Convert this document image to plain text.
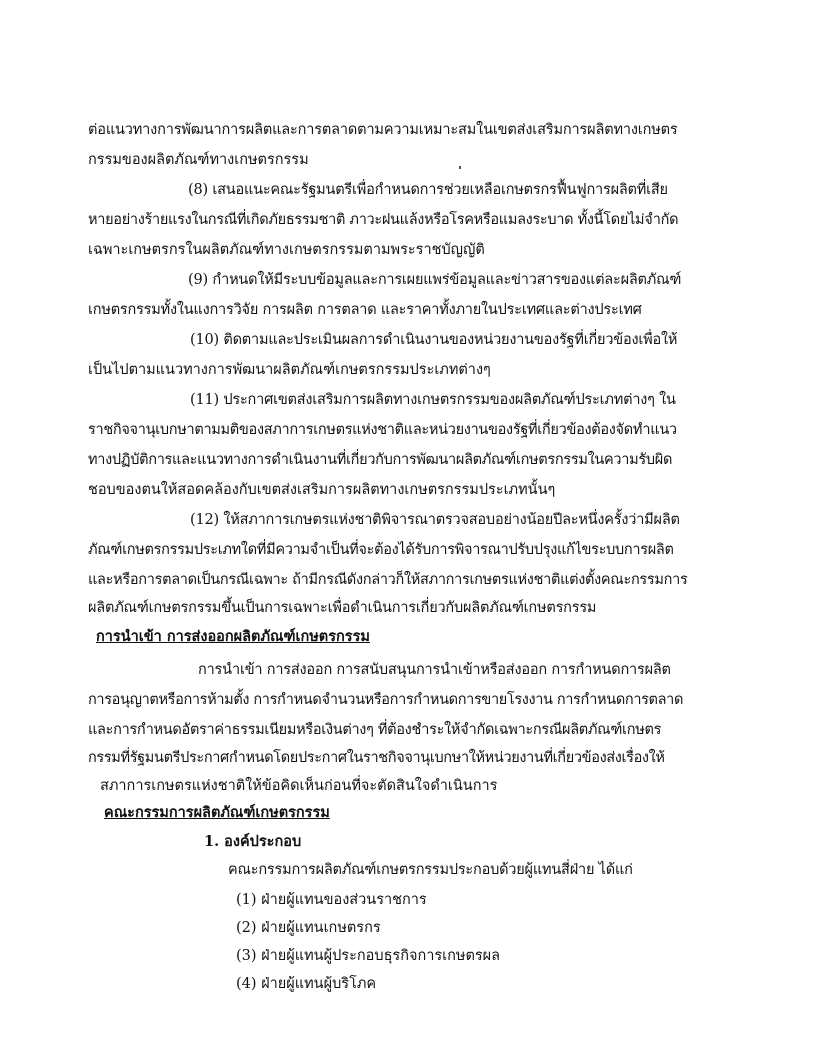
ต่อแนวทางการพัฒนาการผลิตและการตลาดตามความเหมาะสมในเขตส่งเสริมการผลิตทางเกษตร
กรรมของผลิตภัณฑ์ทางเกษตรกรรม
(8) เสนอแนะคณะรัฐมนตรีเพื่อกำหนดการช่วยเหลือเกษตรกรฟื้นฟูการผลิตที่เสีย
หายอย่างร้ายแรงในกรณีที่เกิดภัยธรรมชาติ ภาวะฝนแล้งหรือโรคหรือแมลงระบาด ทั้งนี้โดยไม่จำกัด
เฉพาะเกษตรกรในผลิตภัณฑ์ทางเกษตรกรรมตามพระราชบัญญัติ
(9) กำหนดให้มีระบบข้อมูลและการเผยแพร่ข้อมูลและข่าวสารของแต่ละผลิตภัณฑ์
เกษตรกรรมทั้งในแงการวิจัย การผลิต การตลาด และราคาทั้งภายในประเทศและต่างประเทศ
(10) ติดตามและประเมินผลการดำเนินงานของหน่วยงานของรัฐที่เกี่ยวข้องเพื่อให้
เป็นไปตามแนวทางการพัฒนาผลิตภัณฑ์เกษตรกรรมประเภทต่างๆ
(11) ประกาศเขตส่งเสริมการผลิตทางเกษตรกรรมของผลิตภัณฑ์ประเภทต่างๆ ใน
ราชกิจจานุเบกษาตามมติของสภาการเกษตรแห่งชาติและหน่วยงานของรัฐที่เกี่ยวข้องต้องจัดทำแนว
ทางปฏิบัติการและแนวทางการดำเนินงานที่เกี่ยวกับการพัฒนาผลิตภัณฑ์เกษตรกรรมในความรับผิด
ชอบของตนให้สอดคล้องกับเขตส่งเสริมการผลิตทางเกษตรกรรมประเภทนั้นๆ
(12) ให้สภาการเกษตรแห่งชาติพิจารณาตรวจสอบอย่างน้อยปีละหนึ่งครั้งว่ามีผลิต
ภัณฑ์เกษตรกรรมประเภทใดที่มีความจำเป็นที่จะต้องได้รับการพิจารณาปรับปรุงแก้ไขระบบการผลิต
และหรือการตลาดเป็นกรณีเฉพาะ ถ้ามีกรณีดังกล่าวก็ให้สภาการเกษตรแห่งชาติแต่งตั้งคณะกรรมการ
ผลิตภัณฑ์เกษตรกรรมขึ้นเป็นการเฉพาะเพื่อดำเนินการเกี่ยวกับผลิตภัณฑ์เกษตรกรรม
การนำเข้า การส่งออกผลิตภัณฑ์เกษตรกรรม
การนำเข้า การส่งออก การสนับสนุนการนำเข้าหรือส่งออก การกำหนดการผลิต
การอนุญาตหรือการห้ามตั้ง การกำหนดจำนวนหรือการกำหนดการขายโรงงาน การกำหนดการตลาด
และการกำหนดอัตราค่าธรรมเนียมหรือเงินต่างๆ ที่ต้องชำระให้จำกัดเฉพาะกรณีผลิตภัณฑ์เกษตร
กรรมที่รัฐมนตรีประกาศกำหนดโดยประกาศในราชกิจจานุเบกษาให้หน่วยงานที่เกี่ยวข้องส่งเรื่องให้
สภาการเกษตรแห่งชาติให้ข้อคิดเห็นก่อนที่จะตัดสินใจดำเนินการ
คณะกรรมการผลิตภัณฑ์เกษตรกรรม
1. องค์ประกอบ
คณะกรรมการผลิตภัณฑ์เกษตรกรรมประกอบด้วยผู้แทนสี่ฝ่าย ได้แก่
(1) ฝ่ายผู้แทนของส่วนราชการ
(2) ฝ่ายผู้แทนเกษตรกร
(3) ฝ่ายผู้แทนผู้ประกอบธุรกิจการเกษตรผล
(4) ฝ่ายผู้แทนผู้บริโภค
